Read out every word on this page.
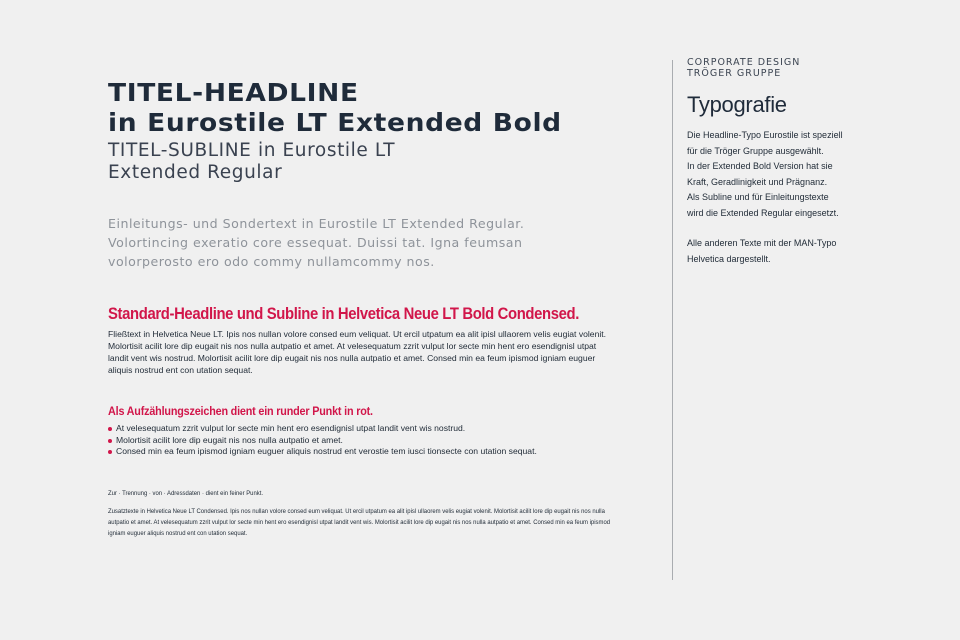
TITEL-HEADLINE
in Eurostile LT Extended Bold

TITEL-SUBLINE in Eurostile LT
Extended Regular

Einleitungs- und Sondertext in Eurostile LT Extended Regular.
Volortincing exeratio core essequat. Duissi tat. Igna feumsan
volorperosto ero odo commy nullamcommy nos.

Standard-Headline und Subline in Helvetica Neue LT Bold Condensed.

Fließtext in Helvetica Neue LT. Ipis nos nullan volore consed eum veliquat. Ut ercil utpatum ea alit ipisl ullaorem velis eugiat volenit. Molortisit acilit lore dip eugait nis nos nulla autpatio et amet. At velesequatum zzrit vulput lor secte min hent ero esendignisl utpat landit vent wis nostrud. Molortisit acilit lore dip eugait nis nos nulla autpatio et amet. Consed min ea feum ipismod igniam euguer aliquis nostrud ent con utation sequat.

Als Aufzählungszeichen dient ein runder Punkt in rot.
At velesequatum zzrit vulput lor secte min hent ero esendignisl utpat landit vent wis nostrud.
Molortisit acilit lore dip eugait nis nos nulla autpatio et amet.
Consed min ea feum ipismod igniam euguer aliquis nostrud ent verostie tem iusci tionsecte con utation sequat.
Zur · Trennung · von · Adressdaten · dient ein feiner Punkt.

Zusatztexte in Helvetica Neue LT Condensed. Ipis nos nullan volore consed eum veliquat. Ut ercil utpatum ea alit ipisl ullaorem velis eugiat volenit. Molortisit acilit lore dip eugait nis nos nulla autpatio et amet. At velesequatum zzrit vulput lor secte min hent ero esendignisl utpat landit vent wis. Molortisit acilit lore dip eugait nis nos nulla autpatio et amet. Consed min ea feum ipismod igniam euguer aliquis nostrud ent con utation sequat.

CORPORATE DESIGN
TRÖGER GRUPPE

Typografie

Die Headline-Typo Eurostile ist speziell
für die Tröger Gruppe ausgewählt.
In der Extended Bold Version hat sie
Kraft, Geradlinigkeit und Prägnanz.
Als Subline und für Einleitungstexte
wird die Extended Regular eingesetzt.

Alle anderen Texte mit der MAN-Typo
Helvetica dargestellt.
